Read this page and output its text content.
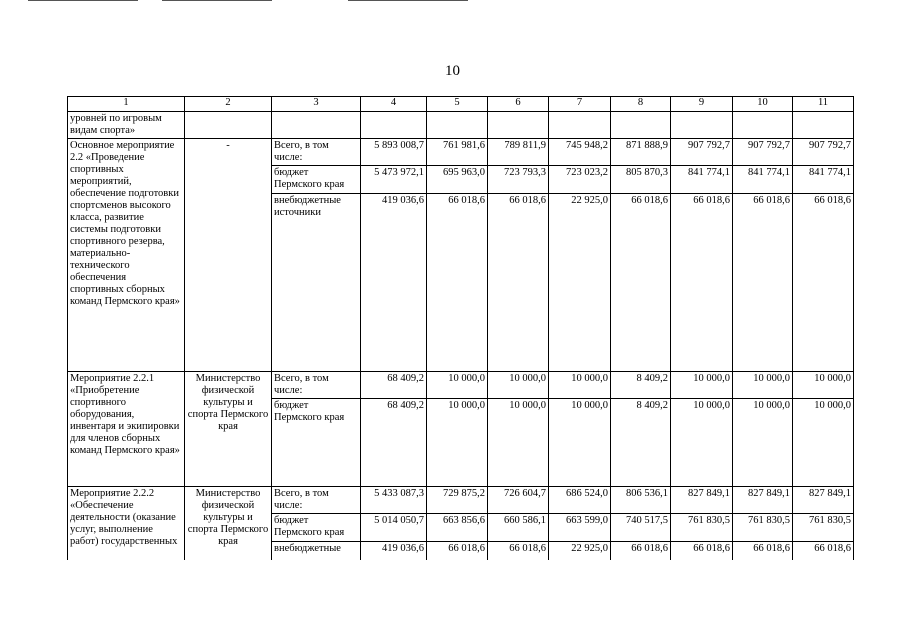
10
1	2	3	4	5	6	7	8	9	10	11
уровней по игровым видам спорта»										
Основное мероприятие 2.2 «Проведение спортивных мероприятий, обеспечение подготовки спортсменов высокого класса, развитие системы подготовки спортивного резерва, материально-технического обеспечения спортивных сборных команд Пермского края»	-	Всего, в том числе:	5 893 008,7	761 981,6	789 811,9	745 948,2	871 888,9	907 792,7	907 792,7	907 792,7
		бюджет Пермского края	5 473 972,1	695 963,0	723 793,3	723 023,2	805 870,3	841 774,1	841 774,1	841 774,1
		внебюджетные источники	419 036,6	66 018,6	66 018,6	22 925,0	66 018,6	66 018,6	66 018,6	66 018,6
Мероприятие 2.2.1 «Приобретение спортивного оборудования, инвентаря и экипировки для членов сборных команд Пермского края»	Министерство физической культуры и спорта Пермского края	Всего, в том числе:	68 409,2	10 000,0	10 000,0	10 000,0	8 409,2	10 000,0	10 000,0	10 000,0
		бюджет Пермского края	68 409,2	10 000,0	10 000,0	10 000,0	8 409,2	10 000,0	10 000,0	10 000,0
Мероприятие 2.2.2 «Обеспечение деятельности (оказание услуг, выполнение работ) государственных	Министерство физической культуры и спорта Пермского края	Всего, в том числе:	5 433 087,3	729 875,2	726 604,7	686 524,0	806 536,1	827 849,1	827 849,1	827 849,1
		бюджет Пермского края	5 014 050,7	663 856,6	660 586,1	663 599,0	740 517,5	761 830,5	761 830,5	761 830,5
		внебюджетные	419 036,6	66 018,6	66 018,6	22 925,0	66 018,6	66 018,6	66 018,6	66 018,6
